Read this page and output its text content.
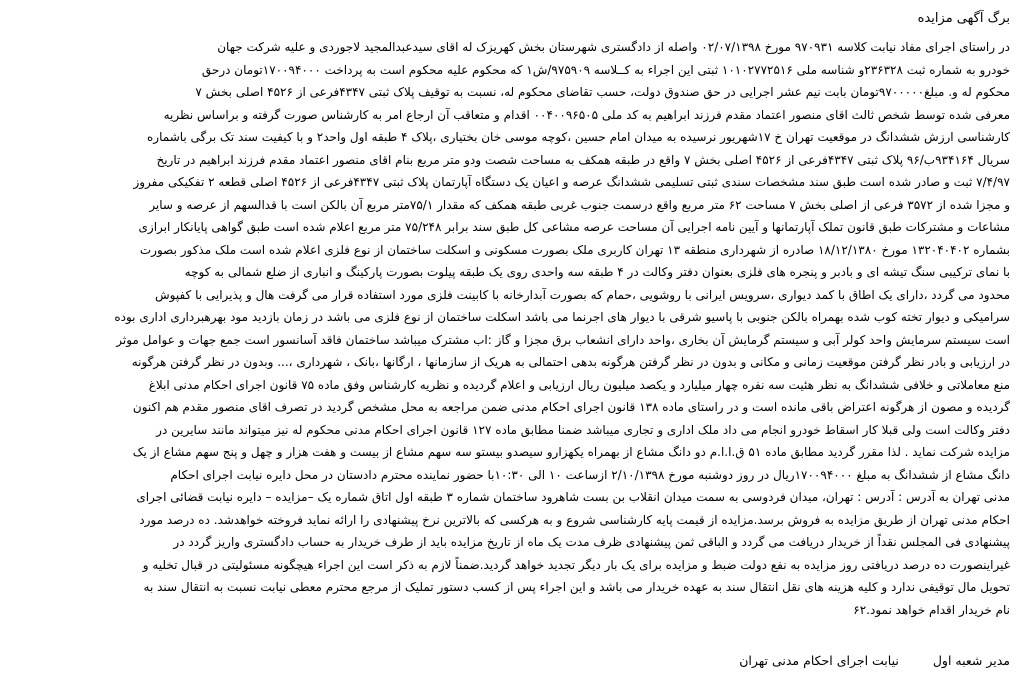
برگ آگهی مزایده
در راستای اجرای مفاد نیابت کلاسه ۹۷۰۹۳۱ مورخ ۰۲/۰۷/۱۳۹۸ واصله از دادگستری شهرستان بخش کهریزک له اقای سیدعبدالمجید لاجوردی و علیه شرکت جهان
خودرو به شماره ثبت ۲۳۶۳۲۸و شناسه ملی ۱۰۱۰۲۷۷۲۵۱۶ ثبتی این اجراء به کــلاسه ۹۷۵۹۰۹/ش۱ که محکوم علیه محکوم است به پرداخت ۱۷۰۰۹۴۰۰۰تومان درحق
محکوم له و. مبلغ۹۷۰۰۰۰۰تومان بابت نیم عشر اجرایی در حق صندوق دولت، حسب تقاضای محکوم له، نسبت به توقیف پلاک ثبتی ۴۳۴۷فرعی از ۴۵۲۶ اصلی بخش ۷
معرفی شده توسط شخص ثالث اقای منصور اعتماد مقدم فرزند ابراهیم به کد ملی ۰۰۴۰۰۹۶۵۰۵ اقدام و متعاقب آن ارجاع امر به کارشناس صورت گرفته و براساس نظریه
کارشناسی ارزش ششدانگ در موقعیت تهران خ ۱۷شهریور نرسیده به میدان امام حسین ،کوچه موسی خان بختیاری ،پلاک ۴ طبقه اول واحد۲ و با کیفیت سند تک برگی باشماره
سریال ۹۳۴۱۶۴ب/۹۶ پلاک ثبتی ۴۳۴۷فرعی از ۴۵۲۶ اصلی بخش ۷ واقع در طبقه همکف به مساحت شصت ودو متر مربع بنام اقای منصور اعتماد مقدم فرزند ابراهیم در تاریخ
۷/۴/۹۷ ثبت و صادر شده است طبق سند مشخصات سندی ثبتی تسلیمی ششدانگ عرصه و اعیان یک دستگاه آپارتمان پلاک ثبتی ۴۳۴۷فرعی از ۴۵۲۶ اصلی قطعه ۲ تفکیکی مفروز
و مجزا شده از ۳۵۷۲ فرعی از اصلی بخش ۷ مساحت ۶۲ متر مربع واقع درسمت جنوب غربی طبقه همکف که مقدار ۷۵/۱متر مربع آن بالکن است با قدالسهم از عرصه و سایر
مشاعات و مشترکات طبق قانون تملک آپارتمانها و آیین نامه اجرایی آن مساحت عرصه مشاعی کل طبق سند برابر ۷۵/۲۴۸ متر مربع اعلام شده است طبق گواهی پایانکار ابرازی
بشماره ۱۳۲۰۴۰۴۰۲ مورخ ۱۸/۱۲/۱۳۸۰ صادره از شهرداری منطقه ۱۳ تهران کاربری ملک بصورت مسکونی و اسکلت ساختمان از نوع فلزی اعلام شده است ملک مذکور بصورت
با نمای ترکیبی سنگ تیشه ای و بادبر و پنجره های فلزی بعنوان دفتر وکالت در ۴ طبقه سه واحدی روی یک طبقه پیلوت بصورت پارکینگ و انباری از ضلع شمالی به کوچه
محدود می گردد ،دارای یک اطاق با کمد دیواری ،سرویس ایرانی با روشویی ،حمام که بصورت آبدارخانه با کابینت فلزی مورد استفاده قرار می گرفت هال و پذیرایی با کفپوش
سرامیکی و دیوار تخته کوب شده بهمراه بالکن جنوبی با پاسیو شرقی با دیوار های اجرنما می باشد اسکلت ساختمان از نوع فلزی می باشد در زمان بازدید مود بهرهبرداری اداری بوده
است سیستم سرمایش واحد کولر آبی و سیستم گرمایش آن بخاری ،واحد دارای انشعاب برق مجزا و گاز :اب مشترک میباشد ساختمان فاقد آسانسور است جمع جهات و عوامل موثر
در ارزیابی و بادر نظر گرفتن موقعیت زمانی و مکانی و بدون در نظر گرفتن هرگونه بدهی احتمالی به هریک از سازمانها ، ارگانها ،بانک ، شهرداری ،... وبدون در نظر گرفتن هرگونه
منع معاملاتی و خلافی ششدانگ به نظر هئیت سه نفره چهار میلیارد و یکصد میلیون ریال ارزیابی و اعلام گردیده و نظریه کارشناس وفق ماده ۷۵ قانون اجرای احکام مدنی ابلاغ
گردیده و مصون از هرگونه اعتراض باقی مانده است و در راستای ماده ۱۳۸ قانون اجرای احکام مدنی ضمن مراجعه به محل مشخص گردید در تصرف اقای منصور مقدم هم اکنون
دفتر وکالت است ولی قبلا کار اسقاط خودرو انجام می داد ملک اداری و تجاری میباشد ضمنا مطابق ماده ۱۲۷ قانون اجرای احکام مدنی محکوم له نیز میتواند مانند سایرین در
مزایده شرکت نماید . لذا مقرر گردید مطابق ماده ۵۱ ق.ا.ا.م دو دانگ مشاع از بهمراه یکهزارو سیصدو بیستو سه سهم مشاع از بیست و هفت هزار و چهل و پنج سهم مشاع از یک
دانگ مشاع از ششدانگ به مبلغ ۱۷۰۰۹۴۰۰۰ریال در روز دوشنبه مورخ ۲/۱۰/۱۳۹۸ ازساعت ۱۰ الی ۱۰:۳۰با حضور نماینده محترم دادستان در محل دایره نیابت اجرای احکام
مدنی تهران به آدرس : آدرس : تهران، میدان فردوسی به سمت میدان انقلاب بن بست شاهرود ساختمان شماره ۳ طبقه اول اتاق شماره یک –مزایده – دایره نیابت قضائی اجرای
احکام مدنی تهران از طریق مزایده به فروش برسد.مزایده از قیمت پایه کارشناسی شروع و به هرکسی که بالاترین نرخ پیشنهادی را ارائه نماید فروخته خواهدشد. ده درصد مورد
پیشنهادی فی المجلس نقداً از خریدار دریافت می گردد و الباقی ثمن پیشنهادی ظرف مدت یک ماه از تاریخ مزایده باید از طرف خریدار به حساب دادگستری واریز گردد در
غیراینصورت ده درصد دریافتی روز مزایده به نفع دولت ضبط و مزایده برای یک بار دیگر تجدید خواهد گردید.ضمناً لازم به ذکر است این اجراء هیچگونه مسئولیتی در قبال تخلیه و
تحویل مال توقیفی ندارد و کلیه هزینه های نقل انتقال سند به عهده خریدار می باشد و این اجراء پس از کسب دستور تملیک از مرجع محترم معطی نیابت نسبت به انتقال سند به
نام خریدار اقدام خواهد نمود.۶۲
مدیر شعبه اولنیابت اجرای احکام مدنی تهران
